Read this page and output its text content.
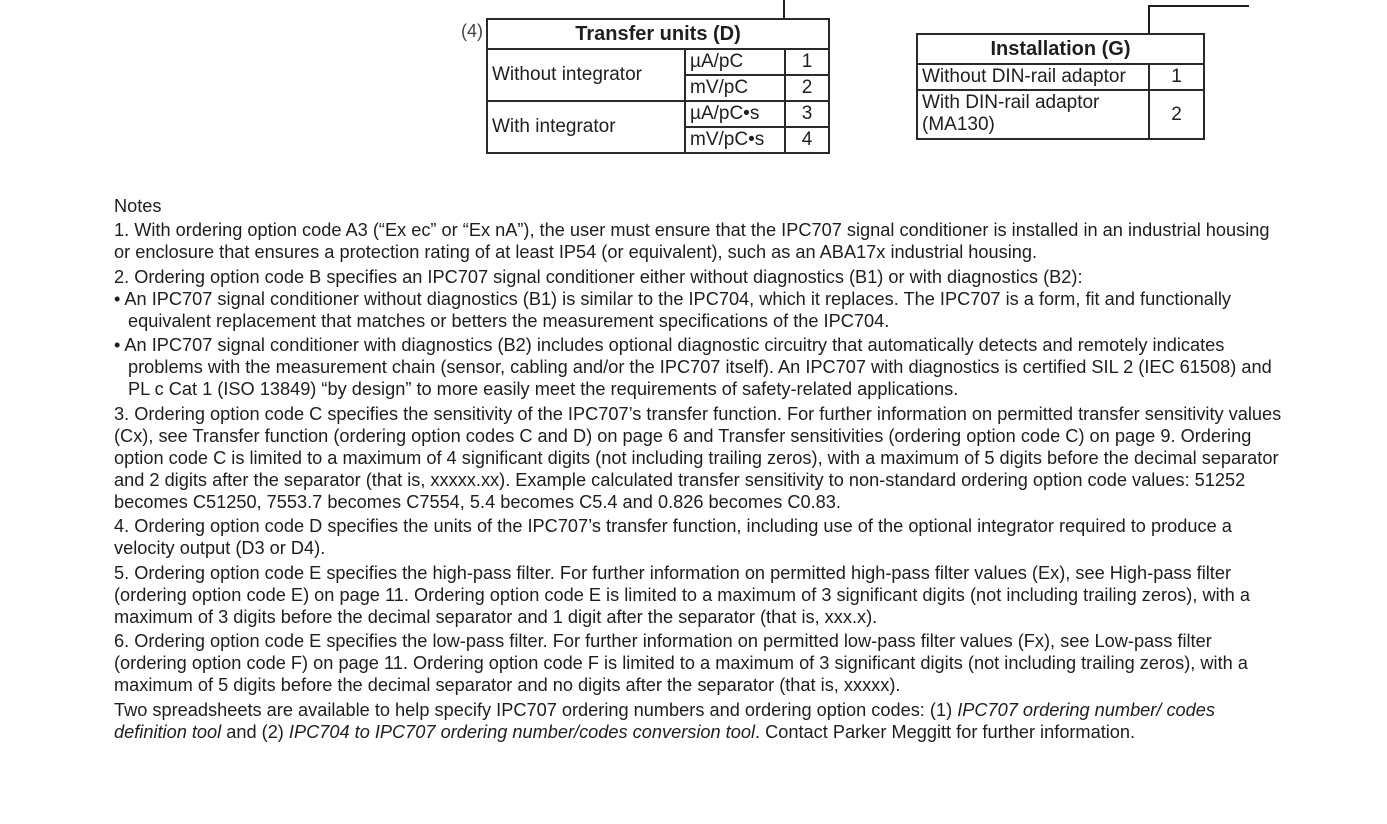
(4)	Transfer units (D)		
Without integrator	µA/pC	1
	mV/pC	2
With integrator	µA/pC•s	3
	mV/pC•s	4
Installation (G)	
Without DIN-rail adaptor	1
With DIN-rail adaptor
(MA130)	2

Notes

1. With ordering option code A3 (“Ex ec” or “Ex nA”), the user must ensure that the IPC707 signal conditioner is installed in an industrial housing or enclosure that ensures a protection rating of at least IP54 (or equivalent), such as an ABA17x industrial housing.

2. Ordering option code B specifies an IPC707 signal conditioner either without diagnostics (B1) or with diagnostics (B2):

• An IPC707 signal conditioner without diagnostics (B1) is similar to the IPC704, which it replaces. The IPC707 is a form, fit and functionally equivalent replacement that matches or betters the measurement specifications of the IPC704.

• An IPC707 signal conditioner with diagnostics (B2) includes optional diagnostic circuitry that automatically detects and remotely indicates problems with the measurement chain (sensor, cabling and/or the IPC707 itself). An IPC707 with diagnostics is certified SIL 2 (IEC 61508) and PL c Cat 1 (ISO 13849) “by design” to more easily meet the requirements of safety-related applications.

3. Ordering option code C specifies the sensitivity of the IPC707’s transfer function. For further information on permitted transfer sensitivity values (Cx), see Transfer function (ordering option codes C and D) on page 6 and Transfer sensitivities (ordering option code C) on page 9. Ordering option code C is limited to a maximum of 4 significant digits (not including trailing zeros), with a maximum of 5 digits before the decimal separator and 2 digits after the separator (that is, xxxxx.xx). Example calculated transfer sensitivity to non-standard ordering option code values: 51252 becomes C51250, 7553.7 becomes C7554, 5.4 becomes C5.4 and 0.826 becomes C0.83.

4. Ordering option code D specifies the units of the IPC707’s transfer function, including use of the optional integrator required to produce a velocity output (D3 or D4).

5. Ordering option code E specifies the high-pass filter. For further information on permitted high-pass filter values (Ex), see High-pass filter (ordering option code E) on page 11. Ordering option code E is limited to a maximum of 3 significant digits (not including trailing zeros), with a maximum of 3 digits before the decimal separator and 1 digit after the separator (that is, xxx.x).

6. Ordering option code E specifies the low-pass filter. For further information on permitted low-pass filter values (Fx), see Low-pass filter (ordering option code F) on page 11. Ordering option code F is limited to a maximum of 3 significant digits (not including trailing zeros), with a maximum of 5 digits before the decimal separator and no digits after the separator (that is, xxxxx).

Two spreadsheets are available to help specify IPC707 ordering numbers and ordering option codes: (1) IPC707 ordering number/ codes definition tool and (2) IPC704 to IPC707 ordering number/codes conversion tool. Contact Parker Meggitt for further information.
